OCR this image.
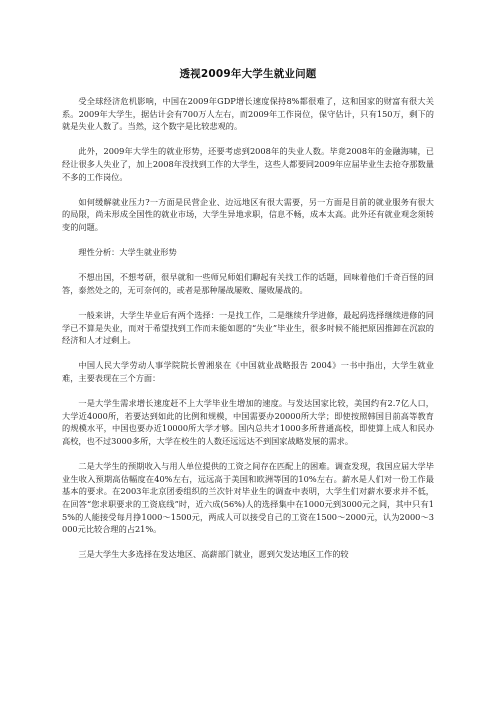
透视2009年大学生就业问题

受全球经济危机影响，中国在2009年GDP增长速度保持8%都很难了，这和国家的财富有很大关系。2009年大学生，据估计会有700万人左右，而2009年工作岗位，保守估计，只有150万，剩下的就是失业人数了。当然，这个数字是比较悲观的。

此外，2009年大学生的就业形势，还要考虑到2008年的失业人数。毕竟2008年的金融海啸，已经让很多人失业了，加上2008年没找到工作的大学生，这些人都要同2009年应届毕业生去抢夺那数量不多的工作岗位。

如何缓解就业压力?一方面是民营企业、边远地区有很大需要，另一方面是目前的就业服务有很大的局限，尚未形成全国性的就业市场，大学生异地求职，信息不畅，成本太高。此外还有就业观念须转变的问题。

理性分析：大学生就业形势

不想出国，不想考研，很早就和一些师兄师姐们聊起有关找工作的话题，回味着他们千奇百怪的回答，泰然处之的，无可奈何的，或者是那种屡战屡败、屡败屡战的。

一般来讲，大学生毕业后有两个选择：一是找工作，二是继续升学进修，最起码选择继续进修的同学已不算是失业，而对于希望找到工作而未能如愿的“失业”毕业生，很多时候不能把原因推卸在沉寂的经济和人才过剩上。

中国人民大学劳动人事学院院长曾湘泉在《中国就业战略报告 2004》一书中指出，大学生就业难，主要表现在三个方面：

一是大学生需求增长速度赶不上大学毕业生增加的速度。与发达国家比较，美国约有2.7亿人口，大学近4000所，若要达到如此的比例和规模，中国需要办20000所大学；即使按照韩国目前高等教育的规模水平，中国也要办近10000所大学才够。国内总共才1000多所普通高校，即使算上成人和民办高校，也不过3000多所，大学在校生的人数还远远达不到国家战略发展的需求。

二是大学生的预期收入与用人单位提供的工资之间存在匹配上的困难。调查发现，我国应届大学毕业生收入预期高估幅度在40%左右，远远高于美国和欧洲等国的10%左右。薪水是人们对一份工作最基本的要求。在2003年北京团委组织的兰次针对毕业生的调查中表明，大学生们对薪水要求并不低，在回答“您求职要求的工资底线”时，近六成(56%)人的选择集中在1000元到3000元之间，其中只有15%的人能接受每月挣1000～1500元，两成人可以接受自己的工资在1500～2000元，认为2000～3000元比较合理的占21%。

三是大学生大多选择在发达地区、高薪部门就业，愿到欠发达地区工作的较
